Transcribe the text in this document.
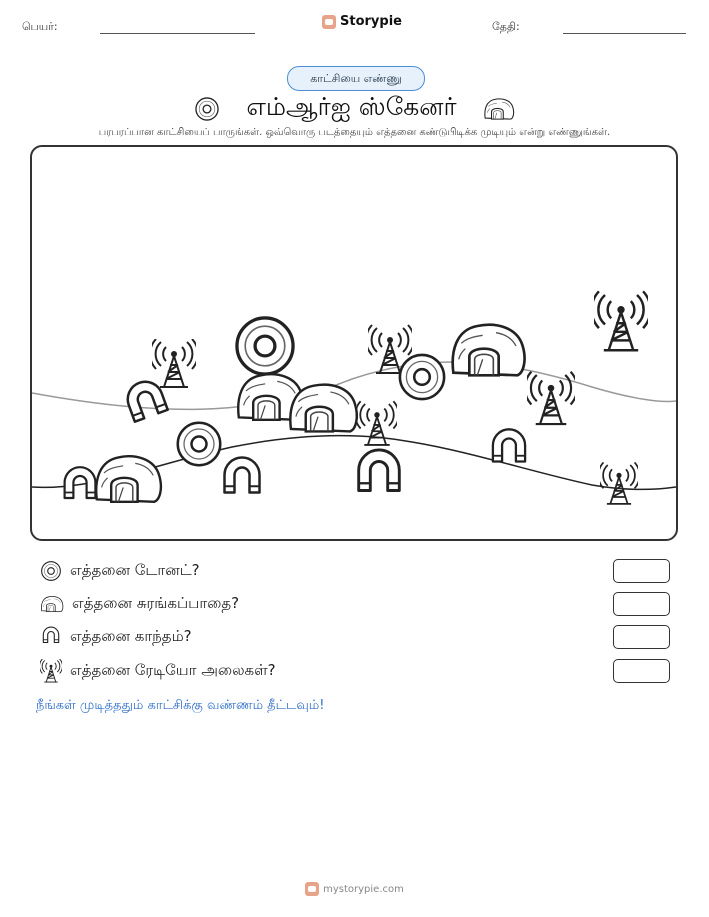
பெயர்:	Storypie	தேதி:
காட்சியை எண்ணு
எம்ஆர்ஐ ஸ்கேனர்
பரபரப்பான காட்சியைப் பாருங்கள். ஒவ்வொரு படத்தையும் எத்தனை கண்டுபிடிக்க முடியும் என்று எண்ணுங்கள்.
எத்தனை டோனட்?
எத்தனை சுரங்கப்பாதை?
எத்தனை காந்தம்?
எத்தனை ரேடியோ அலைகள்?
நீங்கள் முடித்ததும் காட்சிக்கு வண்ணம் தீட்டவும்!
mystorypie.com
